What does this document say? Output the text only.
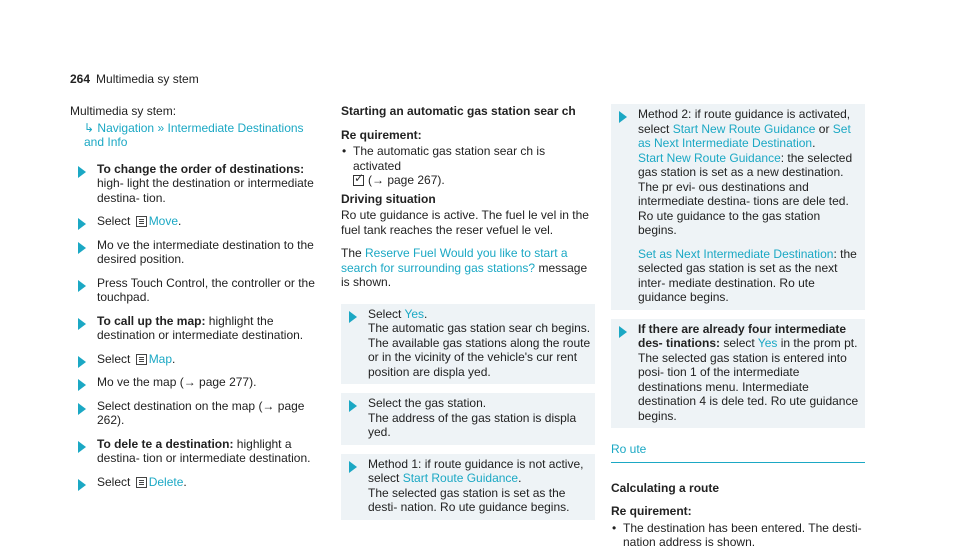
264 Multimedia sy stem
Multimedia sy stem:
↳ Navigation » Intermediate Destinations and Info
To change the order of destinations: high‐ light the destination or intermediate destina‐ tion.
Select
Move.
Mo ve the intermediate destination to the desired position.
Press Touch Control, the controller or the touchpad.
To call up the map: highlight the destination or intermediate destination.
Select
Map.
Mo ve the map (→ page 277).
Select destination on the map (→ page 262).
To dele te a destination: highlight a destina‐ tion or intermediate destination.
Select
Delete.
Starting an automatic gas station sear ch
Re quirement:
• The automatic gas station sear ch is activated
✓(→ page 267).
Driving situation
Ro ute guidance is active. The fuel le vel in the fuel tank reaches the reser vefuel le vel.
The Reserve Fuel Would you like to start a search for surrounding gas stations? message is shown.
Select Yes.
The automatic gas station sear ch begins. The available gas stations along the route or in the vicinity of the vehicle's cur rent position are displa yed.
Select the gas station.
The address of the gas station is displa yed.
Method 1: if route guidance is not active, select Start Route Guidance.
The selected gas station is set as the desti‐ nation. Ro ute guidance begins.
Method 2: if route guidance is activated, select Start New Route Guidance or Set as Next Intermediate Destination.
Start New Route Guidance: the selected gas station is set as a new destination. The pr evi‐ ous destinations and intermediate destina‐ tions are dele ted. Ro ute guidance to the gas station begins.
Set as Next Intermediate Destination: the selected gas station is set as the next inter‐ mediate destination. Ro ute guidance begins.
If there are already four intermediate des‐ tinations: select Yes in the prom pt.
The selected gas station is entered into posi‐ tion 1 of the intermediate destinations menu. Intermediate destination 4 is dele ted. Ro ute guidance begins.
Ro ute
Calculating a route
Re quirement:
• The destination has been entered. The desti‐ nation address is shown.
